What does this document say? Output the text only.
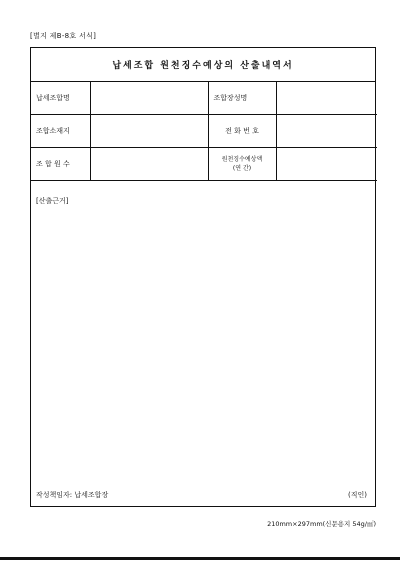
[별지 제B-8호 서식]
납세조합 원천징수예상의 산출내역서
납세조합명		조합장성명	
조합소재지		전 화 번 호	
조 합 원 수		원천징수예상액
(연 간)	

[산출근거]
작성책임자: 납세조합장	(직인)
210mm×297mm(신문용지 54g/㎡)
